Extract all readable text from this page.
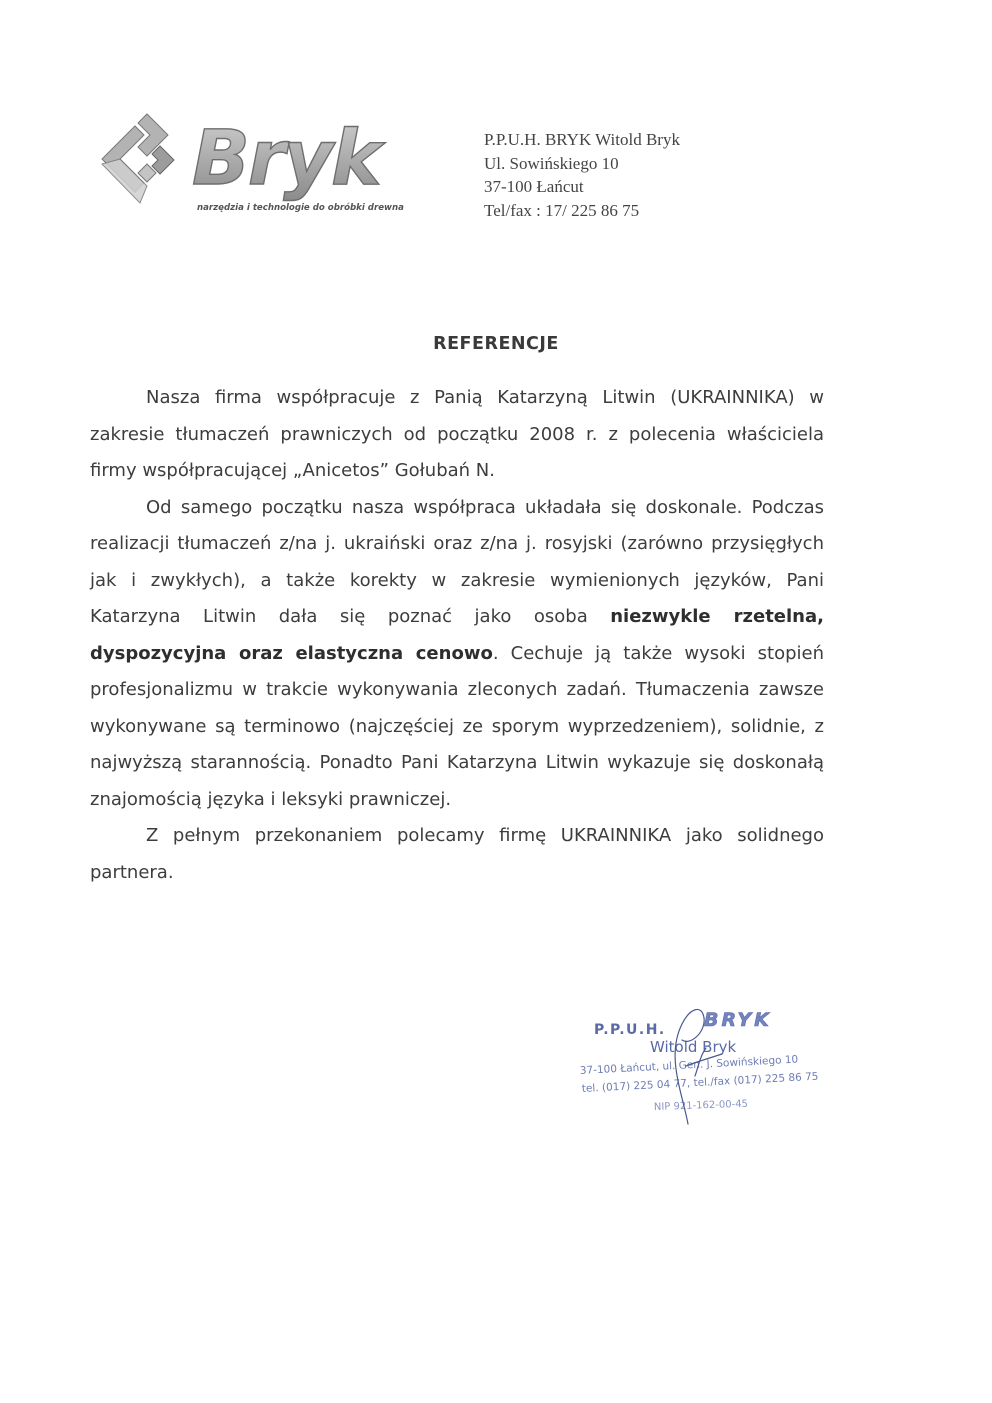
Bryk
narzędzia i technologie do obróbki drewna
P.P.U.H. BRYK Witold Bryk
Ul. Sowińskiego 10
37-100 Łańcut
Tel/fax : 17/ 225 86 75
REFERENCJE

Nasza firma współpracuje z Panią Katarzyną Litwin (UKRAINNIKA) w zakresie tłumaczeń prawniczych od początku 2008 r. z polecenia właściciela firmy współpracującej „Anicetos” Gołubań N.

Od samego początku nasza współpraca układała się doskonale. Podczas realizacji tłumaczeń z/na j. ukraiński oraz z/na j. rosyjski (zarówno przysięgłych jak i zwykłych), a także korekty w zakresie wymienionych języków, Pani Katarzyna Litwin dała się poznać jako osoba niezwykle rzetelna, dyspozycyjna oraz elastyczna cenowo. Cechuje ją także wysoki stopień profesjonalizmu w trakcie wykonywania zleconych zadań. Tłumaczenia zawsze wykonywane są terminowo (najczęściej ze sporym wyprzedzeniem), solidnie, z najwyższą starannością. Ponadto Pani Katarzyna Litwin wykazuje się doskonałą znajomością języka i leksyki prawniczej.

Z pełnym przekonaniem polecamy firmę UKRAINNIKA jako solidnego partnera.

P.P.U.H. BRYK
Witold Bryk
37-100 Łańcut, ul. Gen. J. Sowińskiego 10
tel. (017) 225 04 77, tel./fax (017) 225 86 75
NIP 921-162-00-45
